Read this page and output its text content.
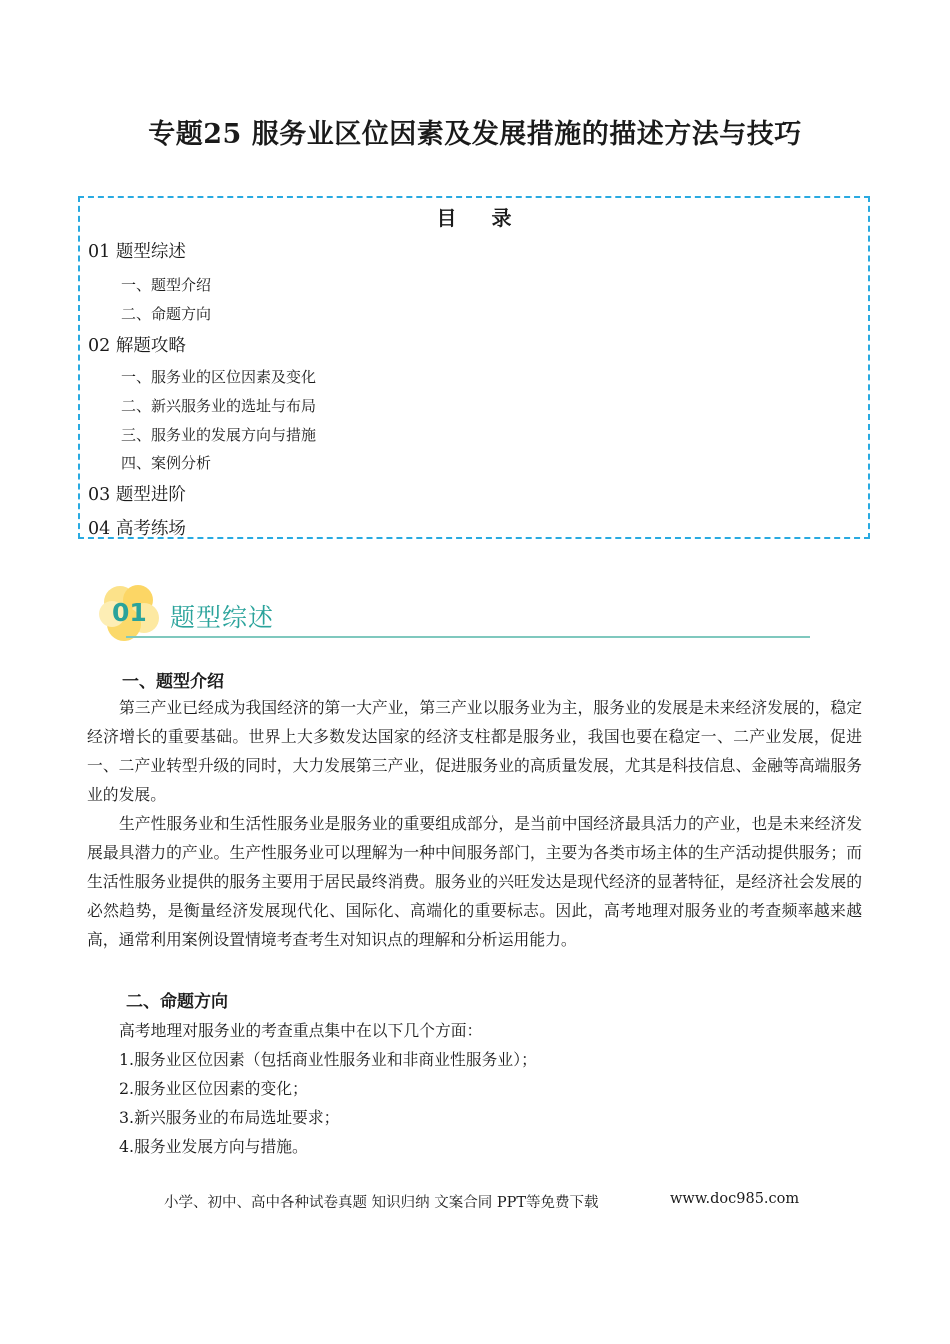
专题25 服务业区位因素及发展措施的描述方法与技巧
目 录
01 题型综述
一、题型介绍
二、命题方向
02 解题攻略
一、服务业的区位因素及变化
二、新兴服务业的选址与布局
三、服务业的发展方向与措施
四、案例分析
03 题型进阶
04 高考练场
01 题型综述
一、题型介绍

第三产业已经成为我国经济的第一大产业，第三产业以服务业为主，服务业的发展是未来经济发展的，稳定经济增长的重要基础。世界上大多数发达国家的经济支柱都是服务业，我国也要在稳定一、二产业发展，促进一、二产业转型升级的同时，大力发展第三产业，促进服务业的高质量发展，尤其是科技信息、金融等高端服务业的发展。

生产性服务业和生活性服务业是服务业的重要组成部分，是当前中国经济最具活力的产业，也是未来经济发展最具潜力的产业。生产性服务业可以理解为一种中间服务部门，主要为各类市场主体的生产活动提供服务；而生活性服务业提供的服务主要用于居民最终消费。服务业的兴旺发达是现代经济的显著特征，是经济社会发展的必然趋势，是衡量经济发展现代化、国际化、高端化的重要标志。因此，高考地理对服务业的考查频率越来越高，通常利用案例设置情境考查考生对知识点的理解和分析运用能力。

二、命题方向
高考地理对服务业的考查重点集中在以下几个方面：
1.服务业区位因素（包括商业性服务业和非商业性服务业）；
2.服务业区位因素的变化；
3.新兴服务业的布局选址要求；
4.服务业发展方向与措施。
小学、初中、高中各种试卷真题 知识归纳 文案合同 PPT等免费下载	www.doc985.com
